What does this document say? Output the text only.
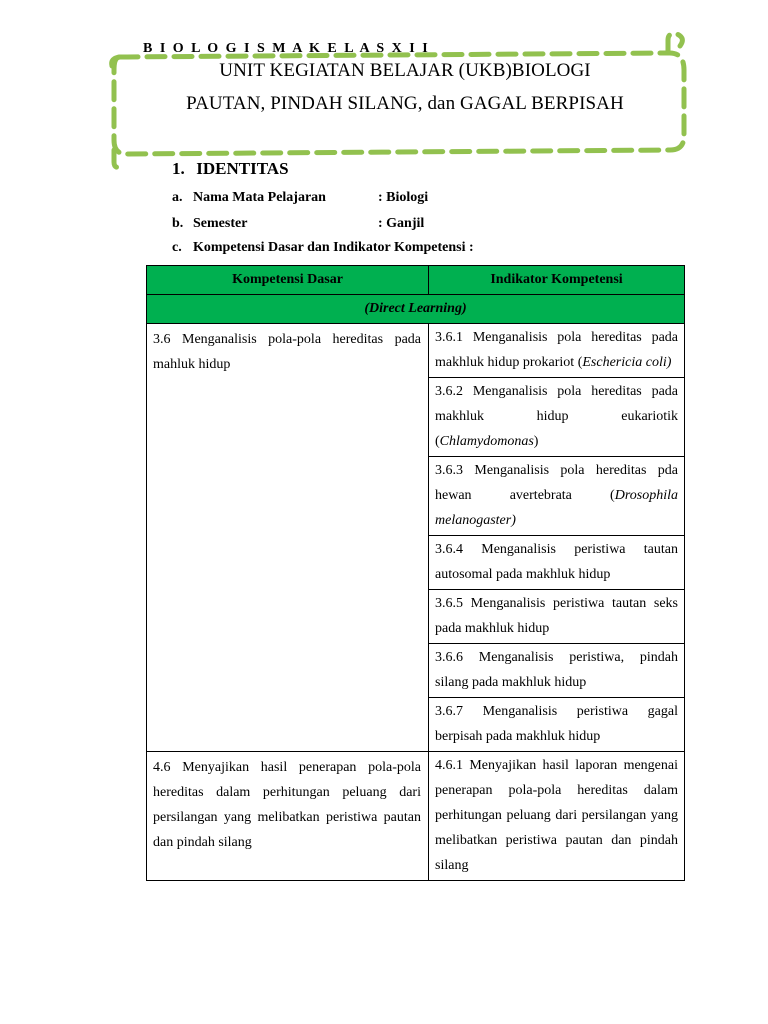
B I O L O G I S M A K E L A S X I I
UNIT KEGIATAN BELAJAR (UKB)BIOLOGI
PAUTAN, PINDAH SILANG, dan GAGAL BERPISAH
1. IDENTITAS
a. Nama Mata Pelajaran	: Biologi
b. Semester	: Ganjil
c. Kompetensi Dasar dan Indikator Kompetensi :
Kompetensi Dasar	Indikator Kompetensi
(Direct Learning)	
3.6 Menganalisis pola-pola hereditas pada mahluk hidup	3.6.1 Menganalisis pola hereditas pada makhluk hidup prokariot (Eschericia coli)
	3.6.2 Menganalisis pola hereditas pada makhluk hidup eukariotik (Chlamydomonas)
	3.6.3 Menganalisis pola hereditas pda hewan avertebrata (Drosophila melanogaster)
	3.6.4 Menganalisis peristiwa tautan autosomal pada makhluk hidup
	3.6.5 Menganalisis peristiwa tautan seks pada makhluk hidup
	3.6.6 Menganalisis peristiwa, pindah silang pada makhluk hidup
	3.6.7 Menganalisis peristiwa gagal berpisah pada makhluk hidup
4.6 Menyajikan hasil penerapan pola-pola hereditas dalam perhitungan peluang dari persilangan yang melibatkan peristiwa pautan dan pindah silang	4.6.1 Menyajikan hasil laporan mengenai penerapan pola-pola hereditas dalam perhitungan peluang dari persilangan yang melibatkan peristiwa pautan dan pindah silang
